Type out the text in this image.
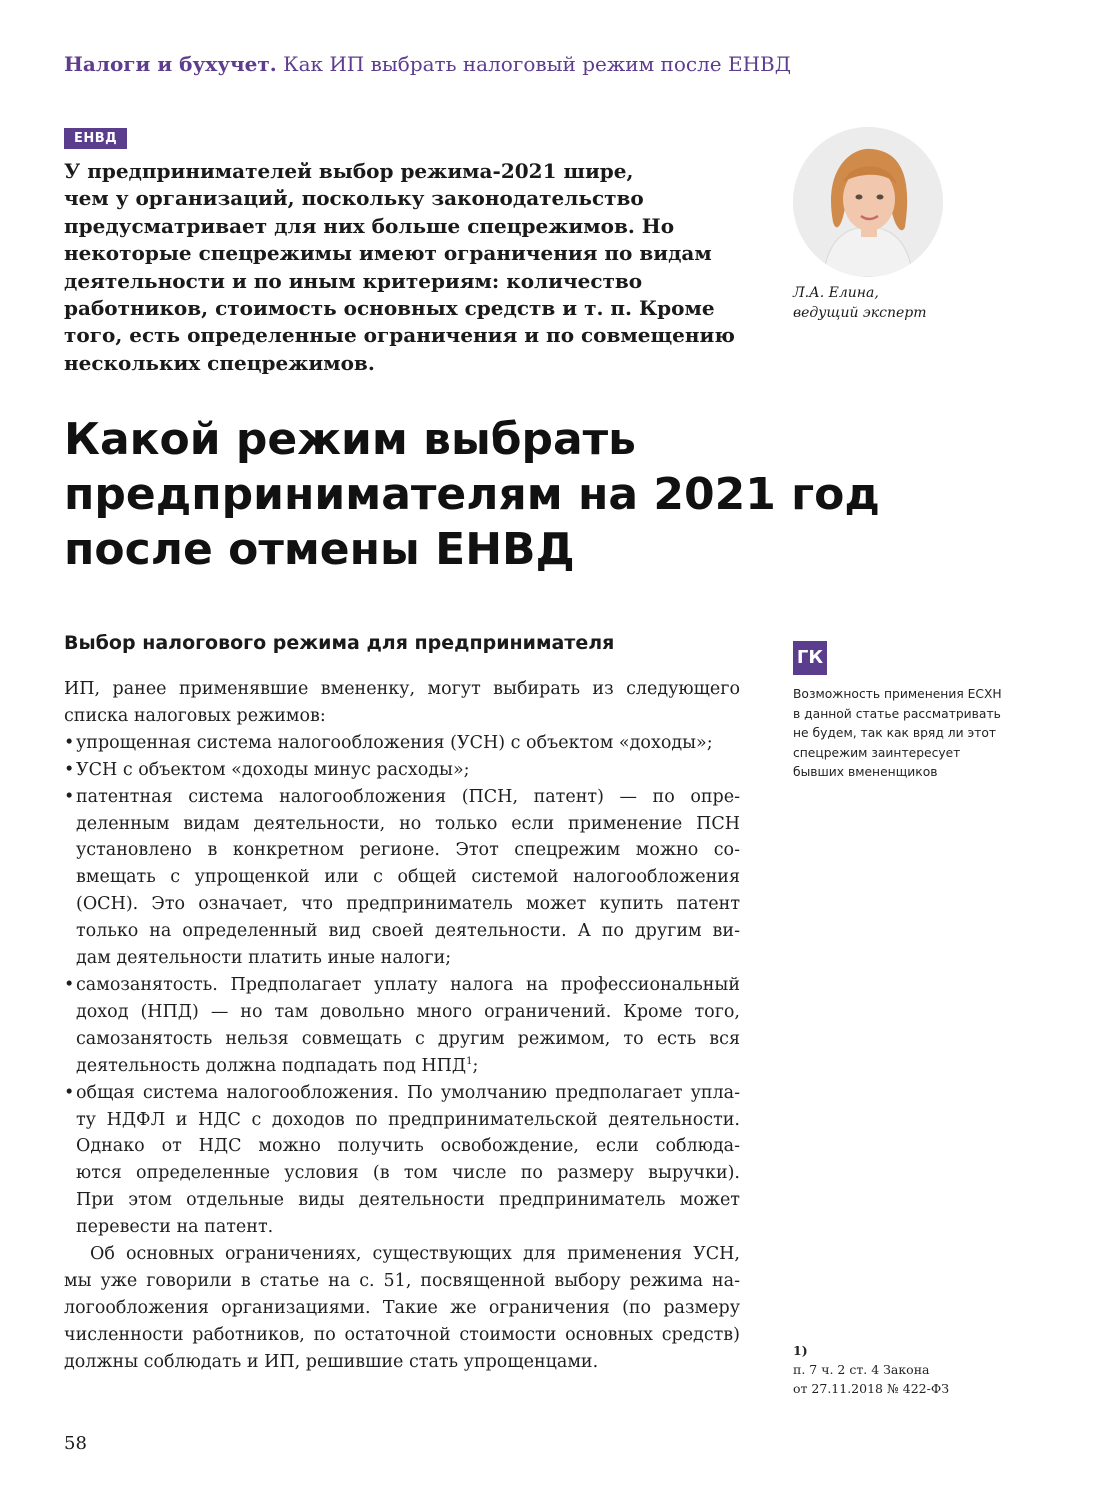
Налоги и бухучет. Как ИП выбрать налоговый режим после ЕНВД
ЕНВД
У предпринимателей выбор режима-2021 шире,
чем у организаций, поскольку законодательство
предусматривает для них больше спецрежимов. Но
некоторые спецрежимы имеют ограничения по видам
деятельности и по иным критериям: количество
работников, стоимость основных средств и т. п. Кроме
того, есть определенные ограничения и по совмещению
нескольких спецрежимов.
Л.А. Елина,
ведущий эксперт
Какой режим выбрать
предпринимателям на 2021 год
после отмены ЕНВД
Выбор налогового режима для предпринимателя
ИП, ранее применявшие вмененку, могут выбирать из следующего
списка налоговых режимов:
• упрощенная система налогообложения (УСН) с объектом «доходы»;
• УСН с объектом «доходы минус расходы»;
• патентная система налогообложения (ПСН, патент) — по опре-
деленным видам деятельности, но только если применение ПСН
установлено в конкретном регионе. Этот спецрежим можно со-
вмещать с упрощенкой или с общей системой налогообложения
(ОСН). Это означает, что предприниматель может купить патент
только на определенный вид своей деятельности. А по другим ви-
дам деятельности платить иные налоги;
• самозанятость. Предполагает уплату налога на профессиональный
доход (НПД) — но там довольно много ограничений. Кроме того,
самозанятость нельзя совмещать с другим режимом, то есть вся
деятельность должна подпадать под НПД$^1$;
• общая система налогообложения. По умолчанию предполагает упла-
ту НДФЛ и НДС с доходов по предпринимательской деятельности.
Однако от НДС можно получить освобождение, если соблюда-
ются определенные условия (в том числе по размеру выручки).
При этом отдельные виды деятельности предприниматель может
перевести на патент.
Об основных ограничениях, существующих для применения УСН,
мы уже говорили в статье на с. 51, посвященной выбору режима на-
логообложения организациями. Такие же ограничения (по размеру
численности работников, по остаточной стоимости основных средств)
должны соблюдать и ИП, решившие стать упрощенцами.
ГК
Возможность применения ЕСХН
в данной статье рассматривать
не будем, так как вряд ли этот
спецрежим заинтересует
бывших вмененщиков
1)
п. 7 ч. 2 ст. 4 Закона
от 27.11.2018 № 422-ФЗ
58
